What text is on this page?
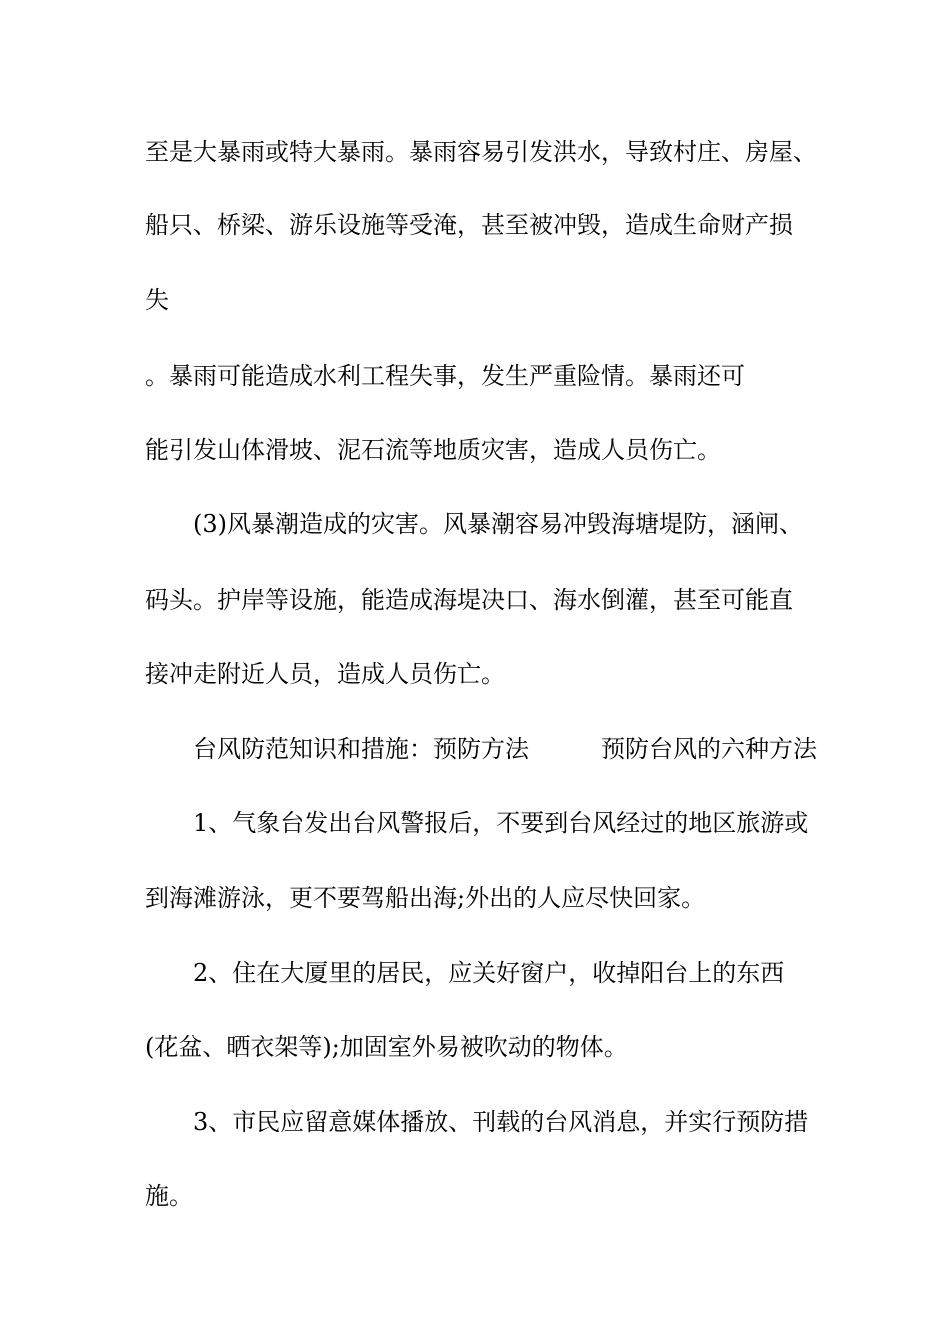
至是大暴雨或特大暴雨。暴雨容易引发洪水，导致村庄、房屋、

船只、桥梁、游乐设施等受淹，甚至被冲毁，造成生命财产损

失

。暴雨可能造成水利工程失事，发生严重险情。暴雨还可

能引发山体滑坡、泥石流等地质灾害，造成人员伤亡。

(3)风暴潮造成的灾害。风暴潮容易冲毁海塘堤防，涵闸、

码头。护岸等设施，能造成海堤决口、海水倒灌，甚至可能直

接冲走附近人员，造成人员伤亡。

台风防范知识和措施：预防方法　　　预防台风的六种方法

1、气象台发出台风警报后，不要到台风经过的地区旅游或

到海滩游泳，更不要驾船出海;外出的人应尽快回家。

2、住在大厦里的居民，应关好窗户，收掉阳台上的东西

(花盆、晒衣架等);加固室外易被吹动的物体。

3、市民应留意媒体播放、刊载的台风消息，并实行预防措

施。
